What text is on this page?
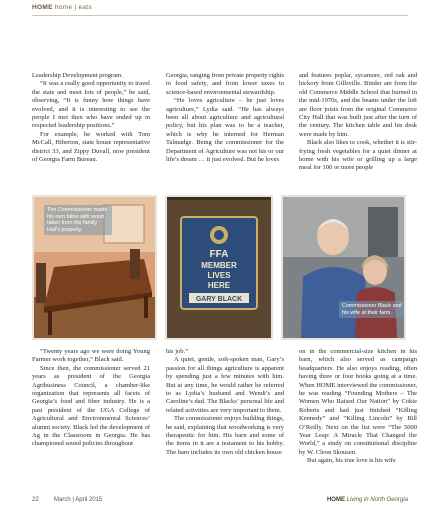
HOME home | eats

Leadership Development program.

“It was a really good opportunity to travel the state and meet lots of people,” he said, observing, “It is funny how things have evolved, and it is interesting to see the people I met then who have ended up in respected leadership positions.”

For example, he worked with Tom McCall, Hiberton, state house representative district 33, and Zippy Duvall, now president of Georgia Farm Bureau.

Georgia, ranging from private property rights to food safety, and from lower taxes to science-based environmental stewardship.

“He loves agriculture – he just loves agriculture,” Lydia said. “He has always been all about agriculture and agricultural policy, but his plan was to be a teacher, which is why he interned for Herman Talmadge. Being the commissioner for the Department of Agriculture was not his or our life’s dream … it just evolved. But he loves

and features poplar, sycamore, red oak and hickory from Gillsville. Binder are from the old Commerce Middle School that burned in the mid-1970s, and the beams under the loft are floor joists from the original Commerce City Hall that was built just after the turn of the century. The kitchen table and his desk were made by him.

Black also likes to cook, whether it is stir-frying fresh vegetables for a quiet dinner at home with his wife or grilling up a large meal for 100 or more people

The Commissioner made his own table with wood taken from the family Hall's property.
FFA
MEMBER
LIVES
HERE
GARY BLACK
Commissioner Black and his wife at their farm.

“Twenty years ago we were doing Young Farmer work together,” Black said.

Since then, the commissioner served 21 years as president of the Georgia Agribusiness Council, a chamber-like organization that represents all facets of Georgia’s food and fiber industry. He is a past president of the UGA College of Agricultural and Environmental Sciences’ alumni society. Black led the development of Ag in the Classroom in Georgia. He has championed sound policies throughout

his job.”

A quiet, gentle, soft-spoken man, Gary’s passion for all things agriculture is apparent by spending just a few minutes with him. But at any time, he would rather be referred to as Lydia’s husband and Wendi’s and Caroline’s dad. The Blacks’ personal life and related activities are very important to them.

The commissioner enjoys building things, he said, explaining that woodworking is very therapeutic for him. His barn and some of the items in it are a testament to his hobby. The barn includes its own old chicken house

on in the commercial-size kitchen in his barn, which also served as campaign headquarters. He also enjoys reading, often having three or four books going at a time. When HOME interviewed the commissioner, he was reading “Founding Mothers – The Women Who Raised Our Nation” by Cokie Roberts and had just finished “Killing Kennedy” and “Killing Lincoln” by Bill O’Reilly. Next on the list were “The 5000 Year Leap: A Miracle That Changed the World,” a study on constitutional discipline by W. Cleon Skousen.

But again, his true love is his wife

22	March | April 2015	HOME Living in North Georgia
